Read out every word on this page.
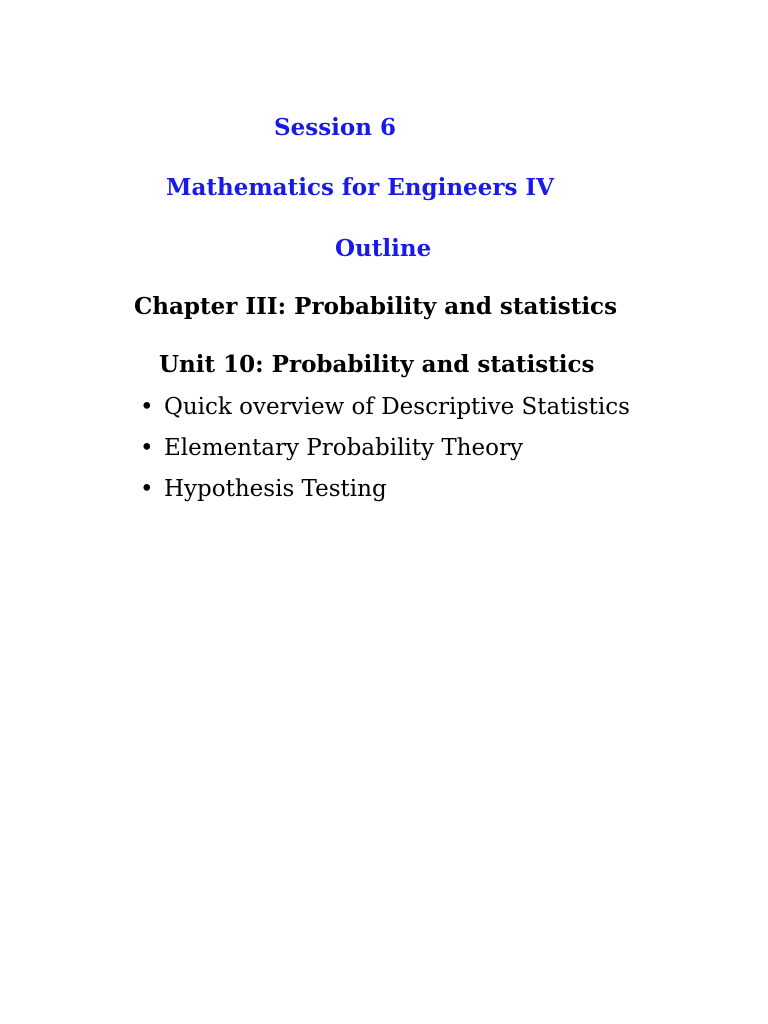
Session 6
Mathematics for Engineers IV
Outline
Chapter III: Probability and statistics
Unit 10: Probability and statistics
• Quick overview of Descriptive Statistics
• Elementary Probability Theory
• Hypothesis Testing
